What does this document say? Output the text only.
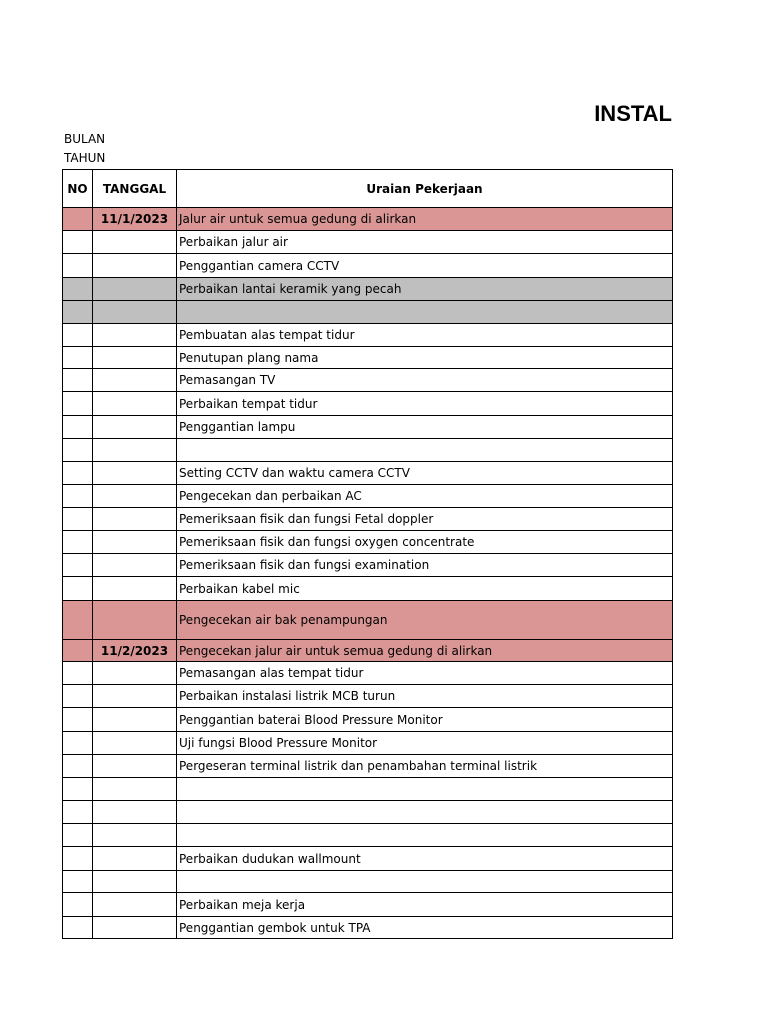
INSTAL
BULAN
TAHUN
NO	TANGGAL	Uraian Pekerjaan
	11/1/2023	Jalur air untuk semua gedung di alirkan
		Perbaikan jalur air
		Penggantian camera CCTV
		Perbaikan lantai keramik yang pecah

		Pembuatan alas tempat tidur
		Penutupan plang nama
		Pemasangan TV
		Perbaikan tempat tidur
		Penggantian lampu

		Setting CCTV dan waktu camera CCTV
		Pengecekan dan perbaikan AC
		Pemeriksaan fisik dan fungsi Fetal doppler
		Pemeriksaan fisik dan fungsi oxygen concentrate
		Pemeriksaan fisik dan fungsi examination
		Perbaikan kabel mic
		Pengecekan air bak penampungan
	11/2/2023	Pengecekan jalur air untuk semua gedung di alirkan
		Pemasangan alas tempat tidur
		Perbaikan instalasi listrik MCB turun
		Penggantian baterai Blood Pressure Monitor
		Uji fungsi Blood Pressure Monitor
		Pergeseran terminal listrik dan penambahan terminal listrik

		Perbaikan dudukan wallmount

		Perbaikan meja kerja
		Penggantian gembok untuk TPA
